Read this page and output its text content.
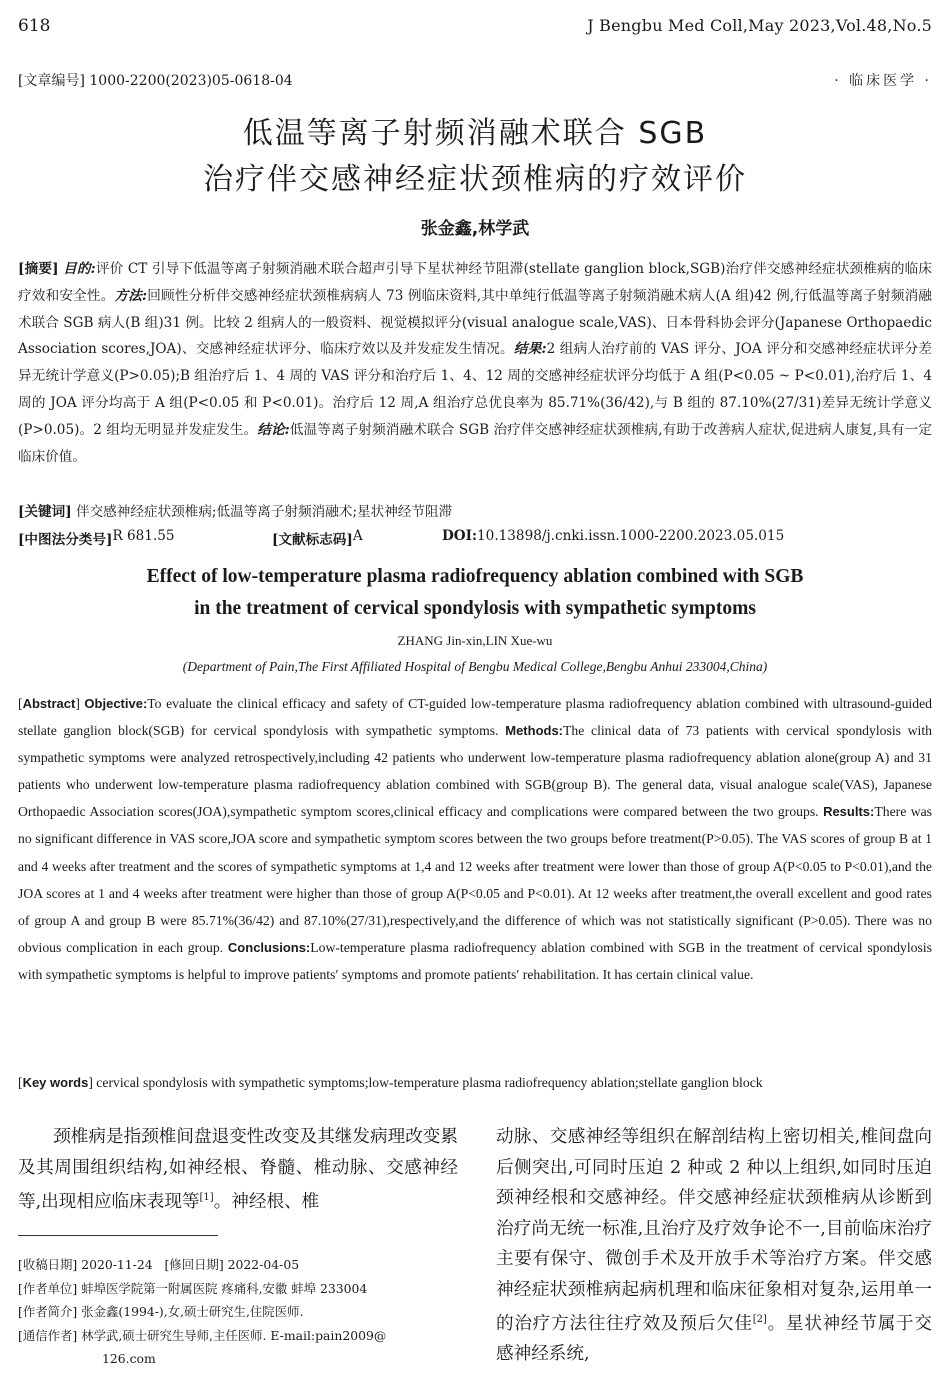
618	J Bengbu Med Coll,May 2023,Vol.48,No.5
[文章编号] 1000-2200(2023)05-0618-04	· 临床医学 ·
低温等离子射频消融术联合 SGB
治疗伴交感神经症状颈椎病的疗效评价
张金鑫,林学武
[摘要] 目的:评价 CT 引导下低温等离子射频消融术联合超声引导下星状神经节阻滞(stellate ganglion block,SGB)治疗伴交感神经症状颈椎病的临床疗效和安全性。方法:回顾性分析伴交感神经症状颈椎病病人 73 例临床资料,其中单纯行低温等离子射频消融术病人(A 组)42 例,行低温等离子射频消融术联合 SGB 病人(B 组)31 例。比较 2 组病人的一般资料、视觉模拟评分(visual analogue scale,VAS)、日本骨科协会评分(Japanese Orthopaedic Association scores,JOA)、交感神经症状评分、临床疗效以及并发症发生情况。结果:2 组病人治疗前的 VAS 评分、JOA 评分和交感神经症状评分差异无统计学意义(P>0.05);B 组治疗后 1、4 周的 VAS 评分和治疗后 1、4、12 周的交感神经症状评分均低于 A 组(P<0.05 ~ P<0.01),治疗后 1、4 周的 JOA 评分均高于 A 组(P<0.05 和 P<0.01)。治疗后 12 周,A 组治疗总优良率为 85.71%(36/42),与 B 组的 87.10%(27/31)差异无统计学意义(P>0.05)。2 组均无明显并发症发生。结论:低温等离子射频消融术联合 SGB 治疗伴交感神经症状颈椎病,有助于改善病人症状,促进病人康复,具有一定临床价值。
[关键词] 伴交感神经症状颈椎病;低温等离子射频消融术;星状神经节阻滞
[中图法分类号] R 681.55	[文献标志码] A	DOI: 10.13898/j.cnki.issn.1000-2200.2023.05.015
Effect of low-temperature plasma radiofrequency ablation combined with SGB
in the treatment of cervical spondylosis with sympathetic symptoms
ZHANG Jin-xin,LIN Xue-wu
(Department of Pain,The First Affiliated Hospital of Bengbu Medical College,Bengbu Anhui 233004,China)
[Abstract] Objective:To evaluate the clinical efficacy and safety of CT-guided low-temperature plasma radiofrequency ablation combined with ultrasound-guided stellate ganglion block(SGB) for cervical spondylosis with sympathetic symptoms. Methods:The clinical data of 73 patients with cervical spondylosis with sympathetic symptoms were analyzed retrospectively,including 42 patients who underwent low-temperature plasma radiofrequency ablation alone(group A) and 31 patients who underwent low-temperature plasma radiofrequency ablation combined with SGB(group B). The general data, visual analogue scale(VAS), Japanese Orthopaedic Association scores(JOA),sympathetic symptom scores,clinical efficacy and complications were compared between the two groups. Results:There was no significant difference in VAS score,JOA score and sympathetic symptom scores between the two groups before treatment(P>0.05). The VAS scores of group B at 1 and 4 weeks after treatment and the scores of sympathetic symptoms at 1,4 and 12 weeks after treatment were lower than those of group A(P<0.05 to P<0.01),and the JOA scores at 1 and 4 weeks after treatment were higher than those of group A(P<0.05 and P<0.01). At 12 weeks after treatment,the overall excellent and good rates of group A and group B were 85.71%(36/42) and 87.10%(27/31),respectively,and the difference of which was not statistically significant (P>0.05). There was no obvious complication in each group. Conclusions:Low-temperature plasma radiofrequency ablation combined with SGB in the treatment of cervical spondylosis with sympathetic symptoms is helpful to improve patients′ symptoms and promote patients′ rehabilitation. It has certain clinical value.
[Key words] cervical spondylosis with sympathetic symptoms;low-temperature plasma radiofrequency ablation;stellate ganglion block

颈椎病是指颈椎间盘退变性改变及其继发病理改变累及其周围组织结构,如神经根、脊髓、椎动脉、交感神经等,出现相应临床表现等[1]。神经根、椎

动脉、交感神经等组织在解剖结构上密切相关,椎间盘向后侧突出,可同时压迫 2 种或 2 种以上组织,如同时压迫颈神经根和交感神经。伴交感神经症状颈椎病从诊断到治疗尚无统一标准,且治疗及疗效争论不一,目前临床治疗主要有保守、微创手术及开放手术等治疗方案。伴交感神经症状颈椎病起病机理和临床征象相对复杂,运用单一的治疗方法往往疗效及预后欠佳[2]。星状神经节属于交感神经系统,

[收稿日期] 2020-11-24 [修回日期] 2022-04-05
[作者单位] 蚌埠医学院第一附属医院 疼痛科,安徽 蚌埠 233004
[作者简介] 张金鑫(1994-),女,硕士研究生,住院医师.
[通信作者] 林学武,硕士研究生导师,主任医师. E-mail:pain2009@
126.com
